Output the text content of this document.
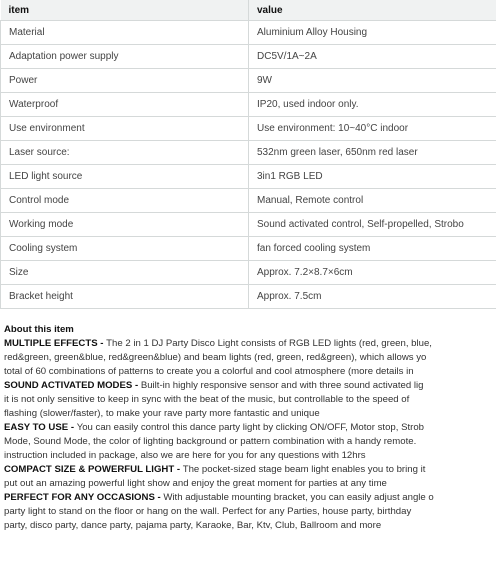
item	value
Material	Aluminium Alloy Housing
Adaptation power supply	DC5V/1A~2A
Power	9W
Waterproof	IP20, used indoor only.
Use environment	Use environment: 10~40°C indoor
Laser source:	532nm green laser, 650nm red laser
LED light source	3in1 RGB LED
Control mode	Manual, Remote control
Working mode	Sound activated control, Self-propelled, Strobo
Cooling system	fan forced cooling system
Size	Approx. 7.2×8.7×6cm
Bracket height	Approx. 7.5cm
About this item
MULTIPLE EFFECTS - The 2 in 1 DJ Party Disco Light consists of RGB LED lights (red, green, blue,
red&green, green&blue, red&green&blue) and beam lights (red, green, red&green), which allows yo
total of 60 combinations of patterns to create you a colorful and cool atmosphere (more details in
SOUND ACTIVATED MODES - Built-in highly responsive sensor and with three sound activated lig
it is not only sensitive to keep in sync with the beat of the music, but controllable to the speed of
flashing (slower/faster), to make your rave party more fantastic and unique
EASY TO USE - You can easily control this dance party light by clicking ON/OFF, Motor stop, Strob
Mode, Sound Mode, the color of lighting background or pattern combination with a handy remote.
instruction included in package, also we are here for you for any questions with 12hrs
COMPACT SIZE & POWERFUL LIGHT - The pocket-sized stage beam light enables you to bring it
put out an amazing powerful light show and enjoy the great moment for parties at any time
PERFECT FOR ANY OCCASIONS - With adjustable mounting bracket, you can easily adjust angle o
party light to stand on the floor or hang on the wall. Perfect for any Parties, house party, birthday
party, disco party, dance party, pajama party, Karaoke, Bar, Ktv, Club, Ballroom and more
